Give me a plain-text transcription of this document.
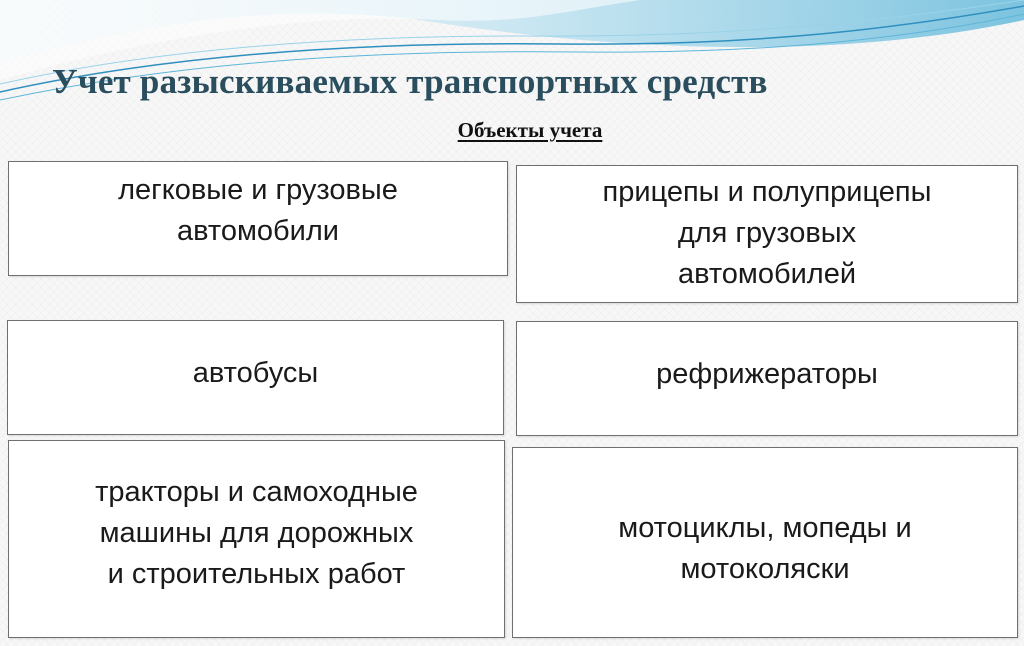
Учет разыскиваемых транспортных средств
Объекты учета
легковые и грузовые
автомобили
прицепы и полуприцепы
для грузовых
автомобилей
автобусы	рефрижераторы
тракторы и самоходные
машины для дорожных
и строительных работ
мотоциклы, мопеды и
мотоколяски
